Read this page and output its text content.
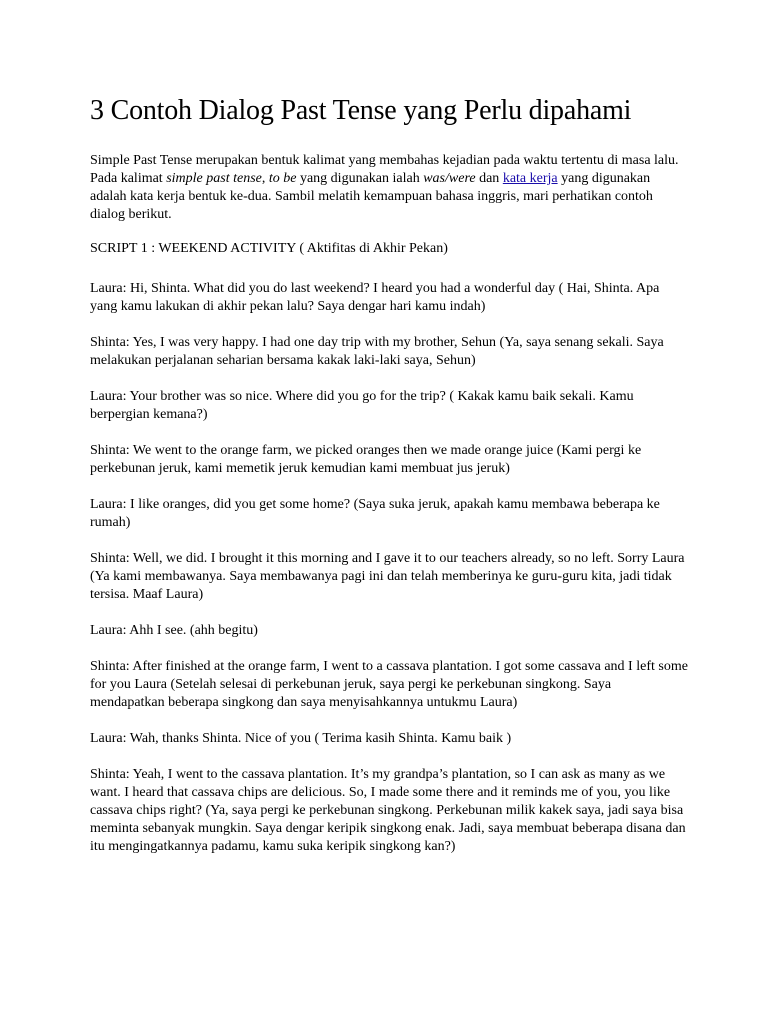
3 Contoh Dialog Past Tense yang Perlu dipahami

Simple Past Tense merupakan bentuk kalimat yang membahas kejadian pada waktu tertentu di masa lalu. Pada kalimat simple past tense, to be yang digunakan ialah was/were dan kata kerja yang digunakan adalah kata kerja bentuk ke-dua. Sambil melatih kemampuan bahasa inggris, mari perhatikan contoh dialog berikut.

SCRIPT 1 : WEEKEND ACTIVITY ( Aktifitas di Akhir Pekan)

Laura: Hi, Shinta. What did you do last weekend? I heard you had a wonderful day ( Hai, Shinta. Apa yang kamu lakukan di akhir pekan lalu? Saya dengar hari kamu indah)

Shinta: Yes, I was very happy. I had one day trip with my brother, Sehun (Ya, saya senang sekali. Saya melakukan perjalanan seharian bersama kakak laki-laki saya, Sehun)

Laura: Your brother was so nice. Where did you go for the trip? ( Kakak kamu baik sekali. Kamu berpergian kemana?)

Shinta: We went to the orange farm, we picked oranges then we made orange juice (Kami pergi ke perkebunan jeruk, kami memetik jeruk kemudian kami membuat jus jeruk)

Laura: I like oranges, did you get some home? (Saya suka jeruk, apakah kamu membawa beberapa ke rumah)

Shinta: Well, we did. I brought it this morning and I gave it to our teachers already, so no left. Sorry Laura (Ya kami membawanya. Saya membawanya pagi ini dan telah memberinya ke guru-guru kita, jadi tidak tersisa. Maaf Laura)

Laura: Ahh I see. (ahh begitu)

Shinta: After finished at the orange farm, I went to a cassava plantation. I got some cassava and I left some for you Laura (Setelah selesai di perkebunan jeruk, saya pergi ke perkebunan singkong. Saya mendapatkan beberapa singkong dan saya menyisahkannya untukmu Laura)

Laura: Wah, thanks Shinta. Nice of you ( Terima kasih Shinta. Kamu baik )

Shinta: Yeah, I went to the cassava plantation. It’s my grandpa’s plantation, so I can ask as many as we want. I heard that cassava chips are delicious. So, I made some there and it reminds me of you, you like cassava chips right? (Ya, saya pergi ke perkebunan singkong. Perkebunan milik kakek saya, jadi saya bisa meminta sebanyak mungkin. Saya dengar keripik singkong enak. Jadi, saya membuat beberapa disana dan itu mengingatkannya padamu, kamu suka keripik singkong kan?)
